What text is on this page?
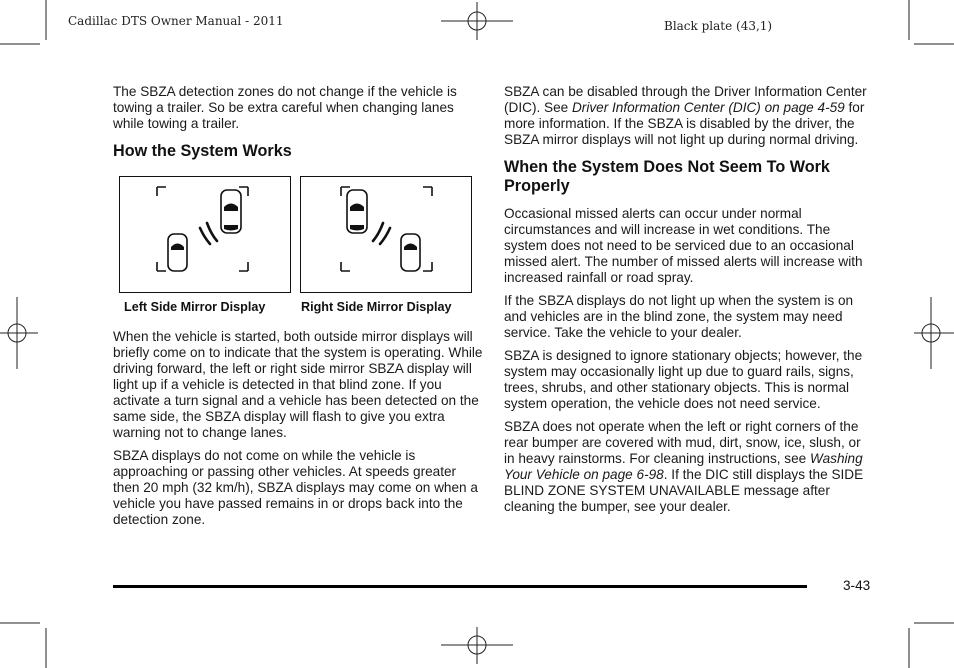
Cadillac DTS Owner Manual - 2011	Black plate (43,1)

The SBZA detection zones do not change if the vehicle is towing a trailer. So be extra careful when changing lanes while towing a trailer.

How the System Works
Left Side Mirror Display	Right Side Mirror Display

When the vehicle is started, both outside mirror displays will briefly come on to indicate that the system is operating. While driving forward, the left or right side mirror SBZA display will light up if a vehicle is detected in that blind zone. If you activate a turn signal and a vehicle has been detected on the same side, the SBZA display will flash to give you extra warning not to change lanes.

SBZA displays do not come on while the vehicle is approaching or passing other vehicles. At speeds greater then 20 mph (32 km/h), SBZA displays may come on when a vehicle you have passed remains in or drops back into the detection zone.

SBZA can be disabled through the Driver Information Center (DIC). See Driver Information Center (DIC) on page 4‑59 for more information. If the SBZA is disabled by the driver, the SBZA mirror displays will not light up during normal driving.

When the System Does Not Seem To Work Properly

Occasional missed alerts can occur under normal circumstances and will increase in wet conditions. The system does not need to be serviced due to an occasional missed alert. The number of missed alerts will increase with increased rainfall or road spray.

If the SBZA displays do not light up when the system is on and vehicles are in the blind zone, the system may need service. Take the vehicle to your dealer.

SBZA is designed to ignore stationary objects; however, the system may occasionally light up due to guard rails, signs, trees, shrubs, and other stationary objects. This is normal system operation, the vehicle does not need service.

SBZA does not operate when the left or right corners of the rear bumper are covered with mud, dirt, snow, ice, slush, or in heavy rainstorms. For cleaning instructions, see Washing Your Vehicle on page 6‑98. If the DIC still displays the SIDE BLIND ZONE SYSTEM UNAVAILABLE message after cleaning the bumper, see your dealer.

3-43
